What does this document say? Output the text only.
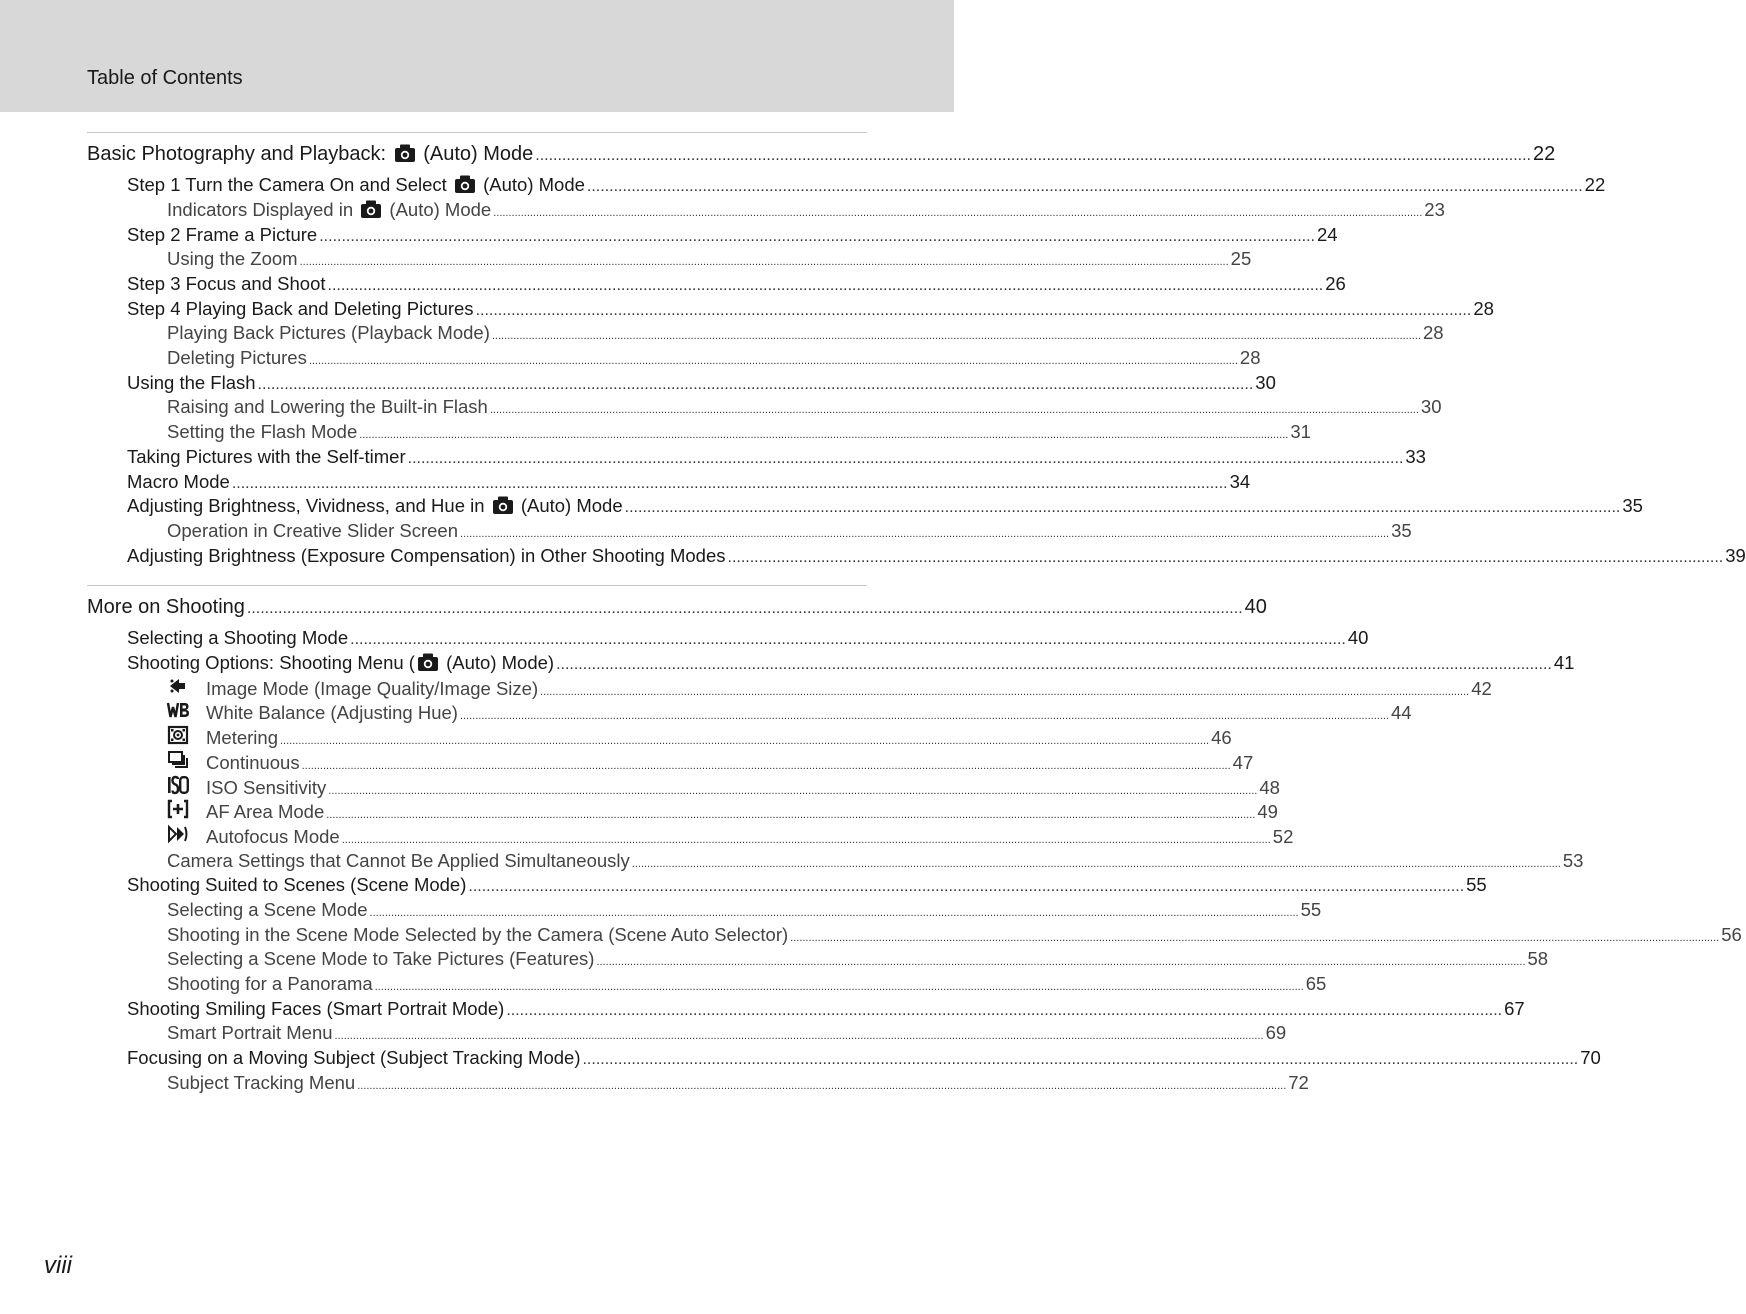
Table of Contents
Basic Photography and Playback:  (Auto) Mode ................................................................................................................................................................................................................................ 22
Step 1 Turn the Camera On and Select  (Auto) Mode ................................................................................................................................................................................................................................ 22
Indicators Displayed in  (Auto) Mode ................................................................................................................................................................................................................................................................................................................ 23
Step 2 Frame a Picture ................................................................................................................................................................................................................................ 24
Using the Zoom ................................................................................................................................................................................................................................................................................................................ 25
Step 3 Focus and Shoot ................................................................................................................................................................................................................................ 26
Step 4 Playing Back and Deleting Pictures ................................................................................................................................................................................................................................ 28
Playing Back Pictures (Playback Mode) ................................................................................................................................................................................................................................................................................................................ 28
Deleting Pictures ................................................................................................................................................................................................................................................................................................................ 28
Using the Flash ................................................................................................................................................................................................................................ 30
Raising and Lowering the Built-in Flash ................................................................................................................................................................................................................................................................................................................ 30
Setting the Flash Mode ................................................................................................................................................................................................................................................................................................................ 31
Taking Pictures with the Self-timer ................................................................................................................................................................................................................................ 33
Macro Mode ................................................................................................................................................................................................................................ 34
Adjusting Brightness, Vividness, and Hue in  (Auto) Mode ................................................................................................................................................................................................................................ 35
Operation in Creative Slider Screen ................................................................................................................................................................................................................................................................................................................ 35
Adjusting Brightness (Exposure Compensation) in Other Shooting Modes ................................................................................................................................................................................................................................ 39
More on Shooting ................................................................................................................................................................................................................................ 40
Selecting a Shooting Mode ................................................................................................................................................................................................................................ 40
Shooting Options: Shooting Menu ( (Auto) Mode) ................................................................................................................................................................................................................................ 41
Image Mode (Image Quality/Image Size) ................................................................................................................................................................................................................................................................................................................ 42
White Balance (Adjusting Hue) ................................................................................................................................................................................................................................................................................................................ 44
Metering ................................................................................................................................................................................................................................................................................................................ 46
Continuous ................................................................................................................................................................................................................................................................................................................ 47
ISO Sensitivity ................................................................................................................................................................................................................................................................................................................ 48
AF Area Mode ................................................................................................................................................................................................................................................................................................................ 49
Autofocus Mode ................................................................................................................................................................................................................................................................................................................ 52
Camera Settings that Cannot Be Applied Simultaneously ................................................................................................................................................................................................................................................................................................................ 53
Shooting Suited to Scenes (Scene Mode) ................................................................................................................................................................................................................................ 55
Selecting a Scene Mode ................................................................................................................................................................................................................................................................................................................ 55
Shooting in the Scene Mode Selected by the Camera (Scene Auto Selector) ................................................................................................................................................................................................................................................................................................................ 56
Selecting a Scene Mode to Take Pictures (Features) ................................................................................................................................................................................................................................................................................................................ 58
Shooting for a Panorama ................................................................................................................................................................................................................................................................................................................ 65
Shooting Smiling Faces (Smart Portrait Mode) ................................................................................................................................................................................................................................ 67
Smart Portrait Menu ................................................................................................................................................................................................................................................................................................................ 69
Focusing on a Moving Subject (Subject Tracking Mode) ................................................................................................................................................................................................................................ 70
Subject Tracking Menu ................................................................................................................................................................................................................................................................................................................ 72
viii
